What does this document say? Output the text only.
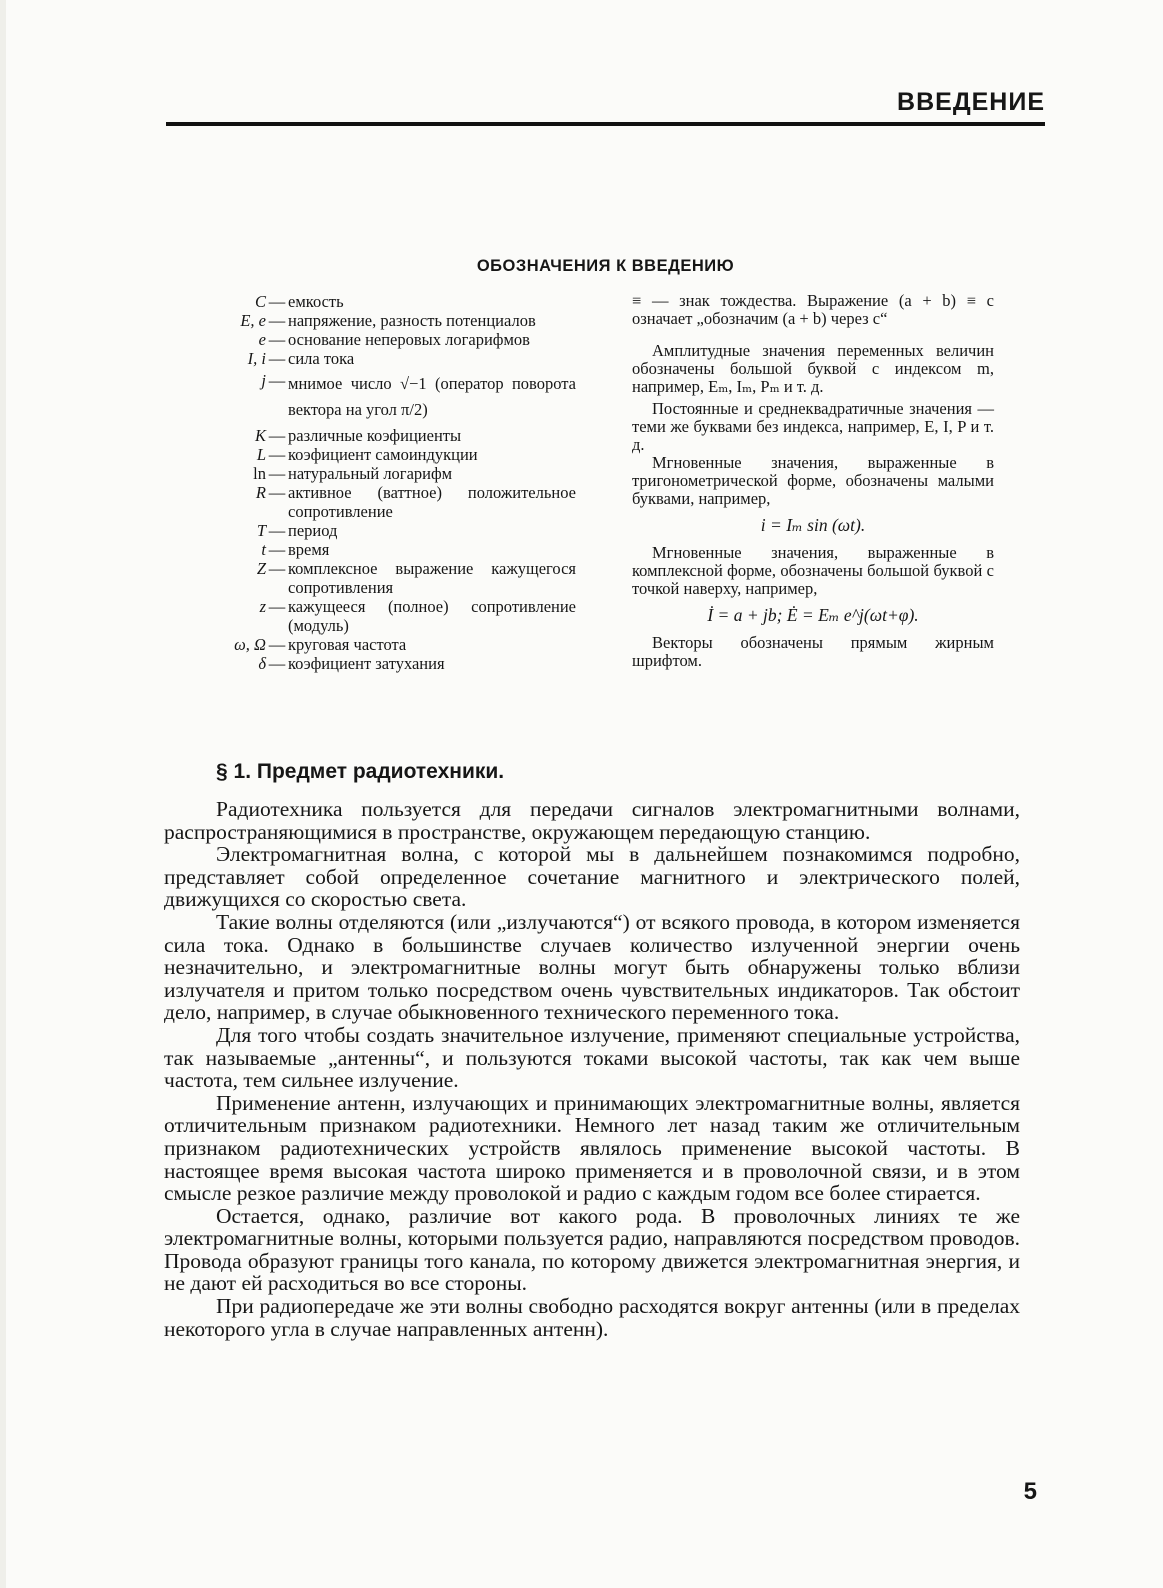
ВВЕДЕНИЕ
ОБОЗНАЧЕНИЯ К ВВЕДЕНИЮ
C — емкость
E, e — напряжение, разность потенциалов
e — основание неперовых логарифмов
I, i — сила тока
j — мнимое число √−1 (оператор поворота вектора на угол π/2)
K — различные коэфициенты
L — коэфициент самоиндукции
ln — натуральный логарифм
R — активное (ваттное) положительное сопротивление
T — период
t — время
Z — комплексное выражение кажущегося сопротивления
z — кажущееся (полное) сопротивление (модуль)
ω, Ω — круговая частота
δ — коэфициент затухания

≡ — знак тождества. Выражение (a + b) ≡ c означает „обозначим (a + b) через c“

Амплитудные значения переменных величин обозначены большой буквой с индексом m, например, Eₘ, Iₘ, Pₘ и т. д.

Постоянные и среднеквадратичные значения — теми же буквами без индекса, например, E, I, P и т. д.

Мгновенные значения, выраженные в тригонометрической форме, обозначены малыми буквами, например,

i = Iₘ sin (ωt).

Мгновенные значения, выраженные в комплексной форме, обозначены большой буквой с точкой наверху, например,

İ = a + jb; Ė = Eₘ e^j(ωt+φ).

Векторы обозначены прямым жирным шрифтом.

§ 1. Предмет радиотехники.

Радиотехника пользуется для передачи сигналов электромагнитными волнами, распространяющимися в пространстве, окружающем передающую станцию.

Электромагнитная волна, с которой мы в дальнейшем познакомимся подробно, представляет собой определенное сочетание магнитного и электрического полей, движущихся со скоростью света.

Такие волны отделяются (или „излучаются“) от всякого провода, в котором изменяется сила тока. Однако в большинстве случаев количество излученной энергии очень незначительно, и электромагнитные волны могут быть обнаружены только вблизи излучателя и притом только посредством очень чувствительных индикаторов. Так обстоит дело, например, в случае обыкновенного технического переменного тока.

Для того чтобы создать значительное излучение, применяют специальные устройства, так называемые „антенны“, и пользуются токами высокой частоты, так как чем выше частота, тем сильнее излучение.

Применение антенн, излучающих и принимающих электромагнитные волны, является отличительным признаком радиотехники. Немного лет назад таким же отличительным признаком радиотехнических устройств являлось применение высокой частоты. В настоящее время высокая частота широко применяется и в проволочной связи, и в этом смысле резкое различие между проволокой и радио с каждым годом все более стирается.

Остается, однако, различие вот какого рода. В проволочных линиях те же электромагнитные волны, которыми пользуется радио, направляются посредством проводов. Провода образуют границы того канала, по которому движется электромагнитная энергия, и не дают ей расходиться во все стороны.

При радиопередаче же эти волны свободно расходятся вокруг антенны (или в пределах некоторого угла в случае направленных антенн).

5
